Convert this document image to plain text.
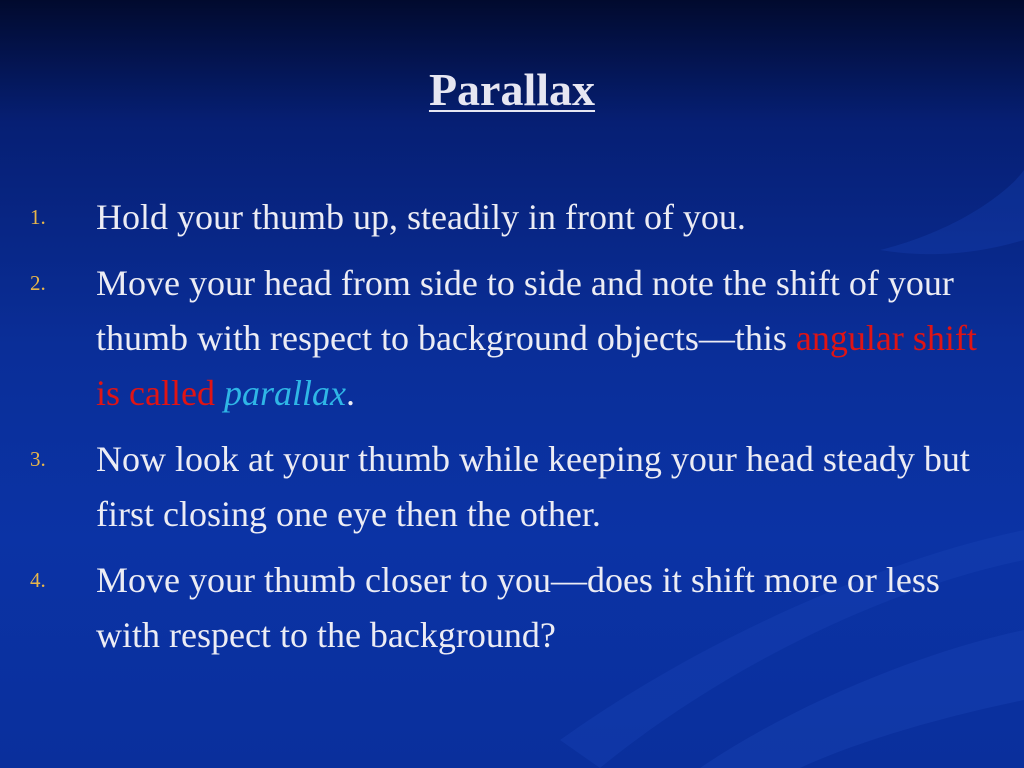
Parallax
1. Hold your thumb up, steadily in front of you.
2. Move your head from side to side and note the shift of your thumb with respect to background objects—this angular shift is called parallax.
3. Now look at your thumb while keeping your head steady but first closing one eye then the other.
4. Move your thumb closer to you—does it shift more or less with respect to the background?
